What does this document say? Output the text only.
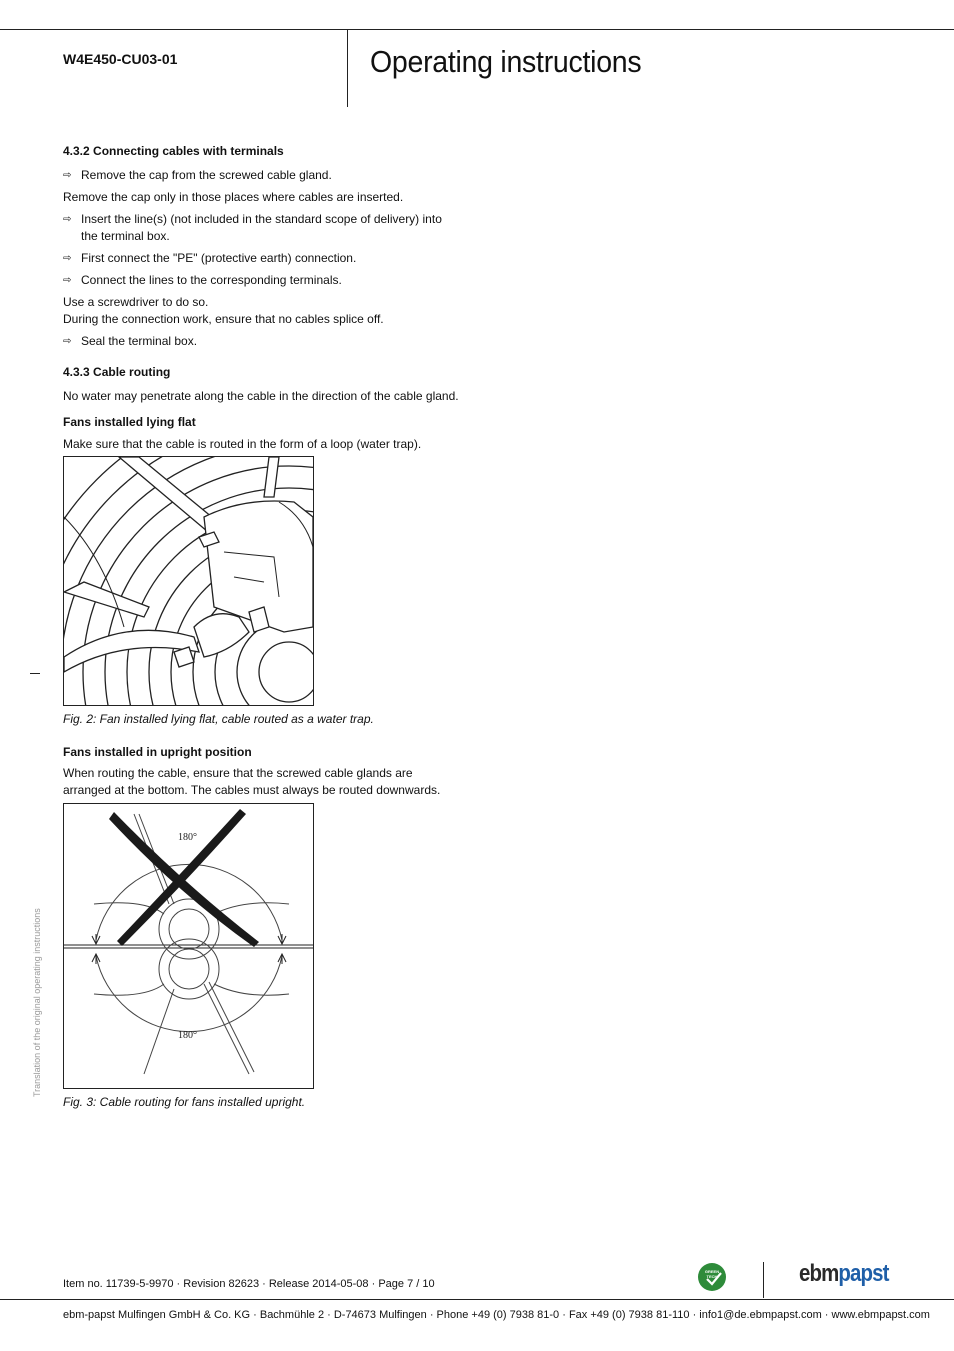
W4E450-CU03-01	Operating instructions
4.3.2 Connecting cables with terminals
⇨ Remove the cap from the screwed cable gland.
Remove the cap only in those places where cables are inserted.
⇨ Insert the line(s) (not included in the standard scope of delivery) into the terminal box.
⇨ First connect the "PE" (protective earth) connection.
⇨ Connect the lines to the corresponding terminals.
Use a screwdriver to do so.
During the connection work, ensure that no cables splice off.
⇨ Seal the terminal box.
4.3.3 Cable routing
No water may penetrate along the cable in the direction of the cable gland.
Fans installed lying flat
Make sure that the cable is routed in the form of a loop (water trap).
Fig. 2: Fan installed lying flat, cable routed as a water trap.
Fans installed in upright position
When routing the cable, ensure that the screwed cable glands are
arranged at the bottom. The cables must always be routed downwards.
180°
180°
Fig. 3: Cable routing for fans installed upright.
Translation of the original operating instructions
Item no. 11739-5-9970 · Revision 82623 · Release 2014-05-08 · Page 7 / 10
GREEN TECH	ebmpapst
ebm-papst Mulfingen GmbH & Co. KG · Bachmühle 2 · D-74673 Mulfingen · Phone +49 (0) 7938 81-0 · Fax +49 (0) 7938 81-110 · info1@de.ebmpapst.com · www.ebmpapst.com
